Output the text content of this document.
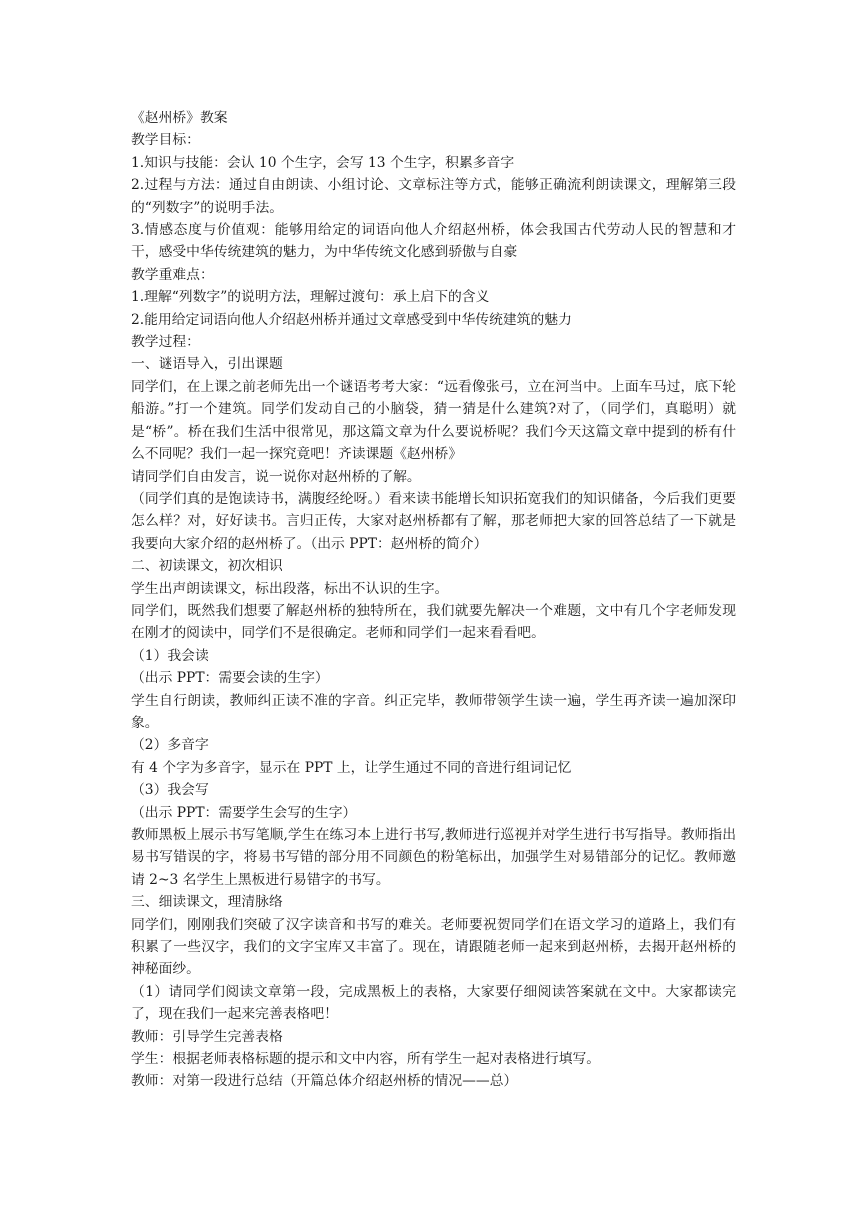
《赵州桥》教案

教学目标：

1.知识与技能：会认 10 个生字，会写 13 个生字，积累多音字

2.过程与方法：通过自由朗读、小组讨论、文章标注等方式，能够正确流利朗读课文，理解第三段的“列数字”的说明手法。

3.情感态度与价值观：能够用给定的词语向他人介绍赵州桥，体会我国古代劳动人民的智慧和才干，感受中华传统建筑的魅力，为中华传统文化感到骄傲与自豪

教学重难点：

1.理解“列数字”的说明方法，理解过渡句：承上启下的含义

2.能用给定词语向他人介绍赵州桥并通过文章感受到中华传统建筑的魅力

教学过程：

一、谜语导入，引出课题

同学们，在上课之前老师先出一个谜语考考大家：“远看像张弓，立在河当中。上面车马过，底下轮船游。”打一个建筑。同学们发动自己的小脑袋，猜一猜是什么建筑?对了，（同学们，真聪明）就是“桥”。桥在我们生活中很常见，那这篇文章为什么要说桥呢？我们今天这篇文章中提到的桥有什么不同呢？我们一起一探究竟吧！齐读课题《赵州桥》

请同学们自由发言，说一说你对赵州桥的了解。

（同学们真的是饱读诗书，满腹经纶呀。）看来读书能增长知识拓宽我们的知识储备，今后我们更要怎么样？对，好好读书。言归正传，大家对赵州桥都有了解，那老师把大家的回答总结了一下就是我要向大家介绍的赵州桥了。（出示 PPT：赵州桥的简介）

二、初读课文，初次相识

学生出声朗读课文，标出段落，标出不认识的生字。

同学们，既然我们想要了解赵州桥的独特所在，我们就要先解决一个难题，文中有几个字老师发现在刚才的阅读中，同学们不是很确定。老师和同学们一起来看看吧。

（1）我会读

（出示 PPT：需要会读的生字）

学生自行朗读，教师纠正读不准的字音。纠正完毕，教师带领学生读一遍，学生再齐读一遍加深印象。

（2）多音字

有 4 个字为多音字，显示在 PPT 上，让学生通过不同的音进行组词记忆

（3）我会写

（出示 PPT：需要学生会写的生字）

教师黑板上展示书写笔顺,学生在练习本上进行书写,教师进行巡视并对学生进行书写指导。教师指出易书写错误的字，将易书写错的部分用不同颜色的粉笔标出，加强学生对易错部分的记忆。教师邀请 2~3 名学生上黑板进行易错字的书写。

三、细读课文，理清脉络

同学们，刚刚我们突破了汉字读音和书写的难关。老师要祝贺同学们在语文学习的道路上，我们有积累了一些汉字，我们的文字宝库又丰富了。现在，请跟随老师一起来到赵州桥，去揭开赵州桥的神秘面纱。

（1）请同学们阅读文章第一段，完成黑板上的表格，大家要仔细阅读答案就在文中。大家都读完了，现在我们一起来完善表格吧！

教师：引导学生完善表格

学生：根据老师表格标题的提示和文中内容，所有学生一起对表格进行填写。

教师：对第一段进行总结（开篇总体介绍赵州桥的情况——总）
